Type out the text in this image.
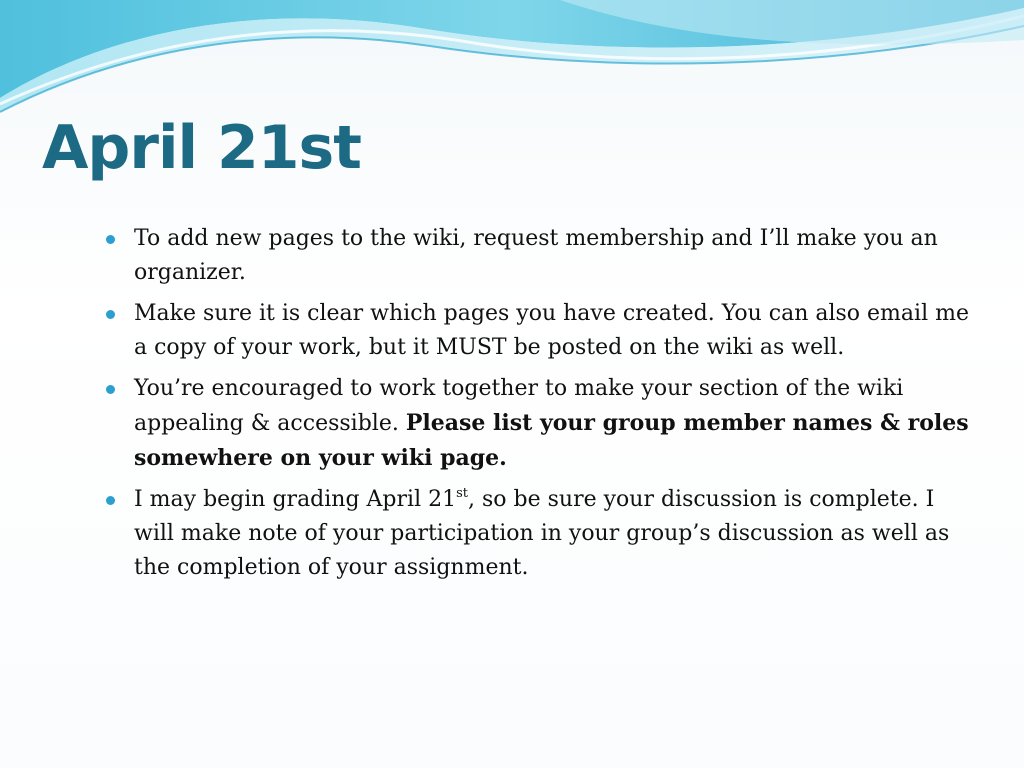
April 21st
To add new pages to the wiki, request membership and I’ll make you an organizer.
Make sure it is clear which pages you have created. You can also email me a copy of your work, but it MUST be posted on the wiki as well.
You’re encouraged to work together to make your section of the wiki appealing & accessible. Please list your group member names & roles somewhere on your wiki page.
I may begin grading April 21st, so be sure your discussion is complete. I will make note of your participation in your group’s discussion as well as the completion of your assignment.
